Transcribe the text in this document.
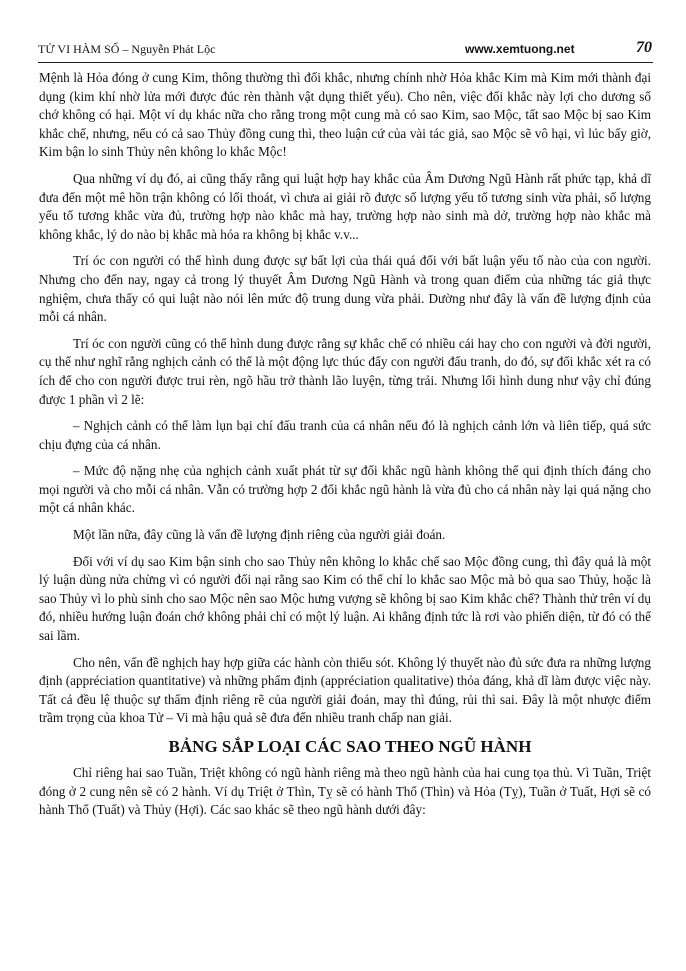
TỬ VI HÀM SỐ – Nguyễn Phát Lộc	www.xemtuong.net	70

Mệnh là Hỏa đóng ở cung Kim, thông thường thì đối khắc, nhưng chính nhờ Hỏa khắc Kim mà Kim mới thành đại dụng (kim khí nhờ lửa mới được đúc rèn thành vật dụng thiết yếu). Cho nên, việc đối khắc này lợi cho dương số chớ không có hại. Một ví dụ khác nữa cho rằng trong một cung mà có sao Kim, sao Mộc, tất sao Mộc bị sao Kim khắc chế, nhưng, nếu có cả sao Thủy đồng cung thì, theo luận cứ của vài tác giả, sao Mộc sẽ vô hại, vì lúc bấy giờ, Kim bận lo sinh Thủy nên không lo khắc Mộc!

Qua những ví dụ đó, ai cũng thấy rằng qui luật hợp hay khắc của Âm Dương Ngũ Hành rất phức tạp, khả dĩ đưa đến một mê hồn trận không có lối thoát, vì chưa ai giải rõ được số lượng yếu tố tương sinh vừa phải, số lượng yếu tố tương khắc vừa đủ, trường hợp nào khắc mà hay, trường hợp nào sinh mà dở, trường hợp nào khắc mà không khắc, lý do nào bị khắc mà hóa ra không bị khắc v.v...

Trí óc con người có thể hình dung được sự bất lợi của thái quá đối với bất luận yếu tố nào của con người. Nhưng cho đến nay, ngay cả trong lý thuyết Âm Dương Ngũ Hành và trong quan điểm của những tác giả thực nghiệm, chưa thấy có qui luật nào nói lên mức độ trung dung vừa phải. Dường như đây là vấn đề lượng định của mỗi cá nhân.

Trí óc con người cũng có thể hình dung được rằng sự khắc chế có nhiều cái hay cho con người và đời người, cụ thể như nghĩ rằng nghịch cảnh có thể là một động lực thúc đẩy con người đấu tranh, do đó, sự đối khắc xét ra có ích để cho con người được trui rèn, ngõ hầu trở thành lão luyện, từng trải. Nhưng lối hình dung như vậy chỉ đúng được 1 phần vì 2 lẽ:

– Nghịch cảnh có thể làm lụn bại chí đấu tranh của cá nhân nếu đó là nghịch cảnh lớn và liên tiếp, quá sức chịu đựng của cá nhân.

– Mức độ nặng nhẹ của nghịch cảnh xuất phát từ sự đối khắc ngũ hành không thể qui định thích đáng cho mọi người và cho mỗi cá nhân. Vẫn có trường hợp 2 đối khắc ngũ hành là vừa đủ cho cá nhân này lại quá nặng cho một cá nhân khác.

Một lần nữa, đây cũng là vấn đề lượng định riêng của người giải đoán.

Đối với ví dụ sao Kim bận sinh cho sao Thủy nên không lo khắc chế sao Mộc đồng cung, thì đây quả là một lý luận dùng nửa chừng vì có người đối nại rằng sao Kim có thể chỉ lo khắc sao Mộc mà bỏ qua sao Thủy, hoặc là sao Thủy vì lo phù sinh cho sao Mộc nên sao Mộc hưng vượng sẽ không bị sao Kim khắc chế? Thành thử trên ví dụ đó, nhiều hướng luận đoán chớ không phải chỉ có một lý luận. Ai khẳng định tức là rơi vào phiến diện, từ đó có thể sai lầm.

Cho nên, vấn đề nghịch hay hợp giữa các hành còn thiếu sót. Không lý thuyết nào đủ sức đưa ra những lượng định (appréciation quantitative) và những phẩm định (appréciation qualitative) thỏa đáng, khả dĩ làm được việc này. Tất cả đều lệ thuộc sự thẩm định riêng rẽ của người giải đoán, may thì đúng, rủi thì sai. Đây là một nhược điểm trầm trọng của khoa Tử – Vi mà hậu quả sẽ đưa đến nhiều tranh chấp nan giải.

BẢNG SẮP LOẠI CÁC SAO THEO NGŨ HÀNH

Chỉ riêng hai sao Tuần, Triệt không có ngũ hành riêng mà theo ngũ hành của hai cung tọa thủ. Vì Tuần, Triệt đóng ở 2 cung nên sẽ có 2 hành. Ví dụ Triệt ở Thìn, Tỵ sẽ có hành Thổ (Thìn) và Hỏa (Tỵ), Tuần ở Tuất, Hợi sẽ có hành Thổ (Tuất) và Thủy (Hợi). Các sao khác sẽ theo ngũ hành dưới đây:
